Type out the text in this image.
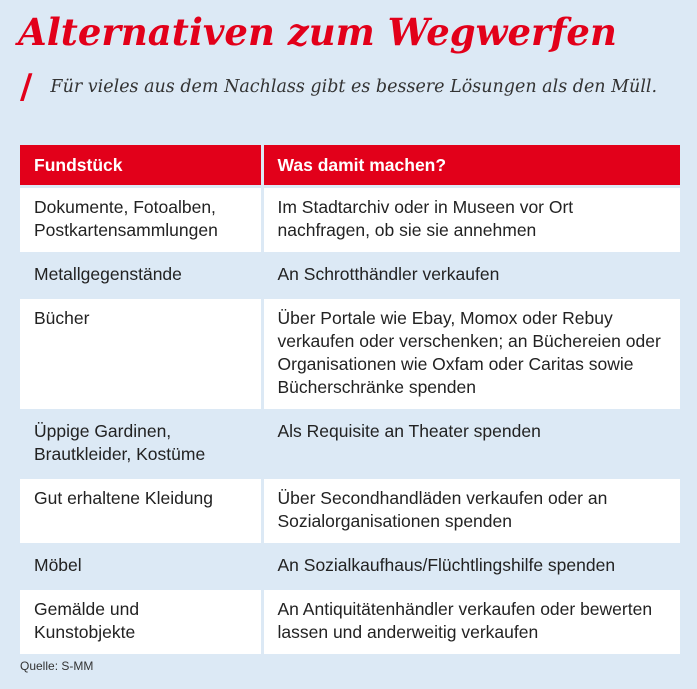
Alternativen zum Wegwerfen
/ Für vieles aus dem Nachlass gibt es bessere Lösungen als den Müll.
Fundstück	Was damit machen?
Dokumente, Fotoalben, Postkartensammlungen	Im Stadtarchiv oder in Museen vor Ort nachfragen, ob sie sie annehmen
Metallgegenstände	An Schrotthändler verkaufen
Bücher	Über Portale wie Ebay, Momox oder Rebuy verkaufen oder verschenken; an Büchereien oder Organisationen wie Oxfam oder Caritas sowie Bücherschränke spenden
Üppige Gardinen, Brautkleider, Kostüme	Als Requisite an Theater spenden
Gut erhaltene Kleidung	Über Secondhandläden verkaufen oder an Sozialorganisationen spenden
Möbel	An Sozialkaufhaus/Flüchtlingshilfe spenden
Gemälde und Kunstobjekte	An Antiquitätenhändler verkaufen oder bewerten lassen und anderweitig verkaufen
Quelle: S-MM
